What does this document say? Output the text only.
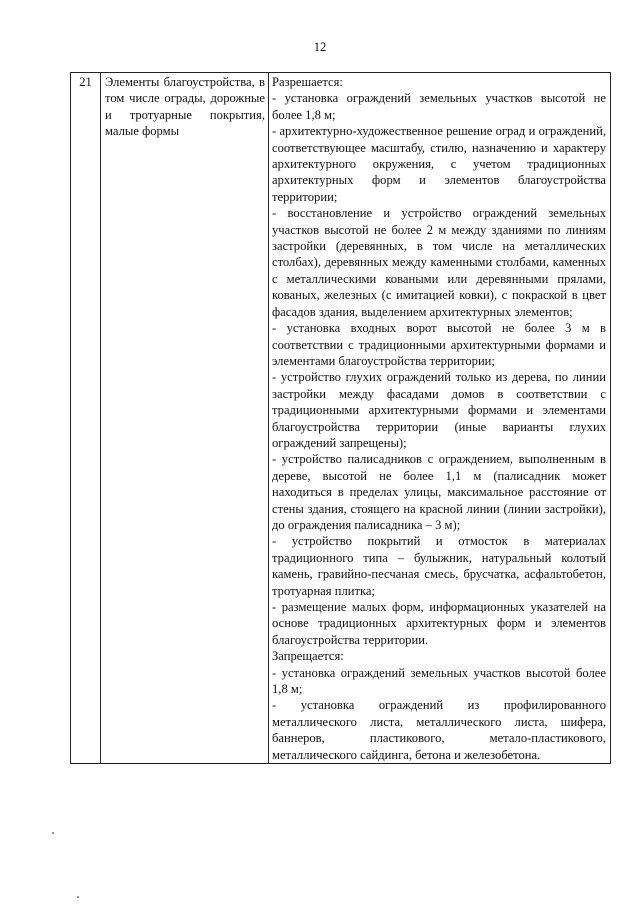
12
21	Элементы благоустройства, в том числе ограды, дорожные и тротуарные покрытия, малые формы

Разрешается:

- установка ограждений земельных участков высотой не более 1,8 м;

- архитектурно-художественное решение оград и ограждений, соответствующее масштабу, стилю, назначению и характеру архитектурного окружения, с учетом традиционных архитектурных форм и элементов благоустройства территории;

- восстановление и устройство ограждений земельных участков высотой не более 2 м между зданиями по линиям застройки (деревянных, в том числе на металлических столбах), деревянных между каменными столбами, каменных с металлическими коваными или деревянными прялами, кованых, железных (с имитацией ковки), с покраской в цвет фасадов здания, выделением архитектурных элементов;

- установка входных ворот высотой не более 3 м в соответствии с традиционными архитектурными формами и элементами благоустройства территории;

- устройство глухих ограждений только из дерева, по линии застройки между фасадами домов в соответствии с традиционными архитектурными формами и элементами благоустройства территории (иные варианты глухих ограждений запрещены);

- устройство палисадников с ограждением, выполненным в дереве, высотой не более 1,1 м (палисадник может находиться в пределах улицы, максимальное расстояние от стены здания, стоящего на красной линии (линии застройки), до ограждения палисадника – 3 м);

- устройство покрытий и отмосток в материалах традиционного типа – булыжник, натуральный колотый камень, гравийно-песчаная смесь, брусчатка, асфальтобетон, тротуарная плитка;

- размещение малых форм, информационных указателей на основе традиционных архитектурных форм и элементов благоустройства территории.

Запрещается:

- установка ограждений земельных участков высотой более 1,8 м;

- установка ограждений из профилированного металлического листа, металлического листа, шифера, баннеров, пластикового, метало-пластикового, металлического сайдинга, бетона и железобетона.
